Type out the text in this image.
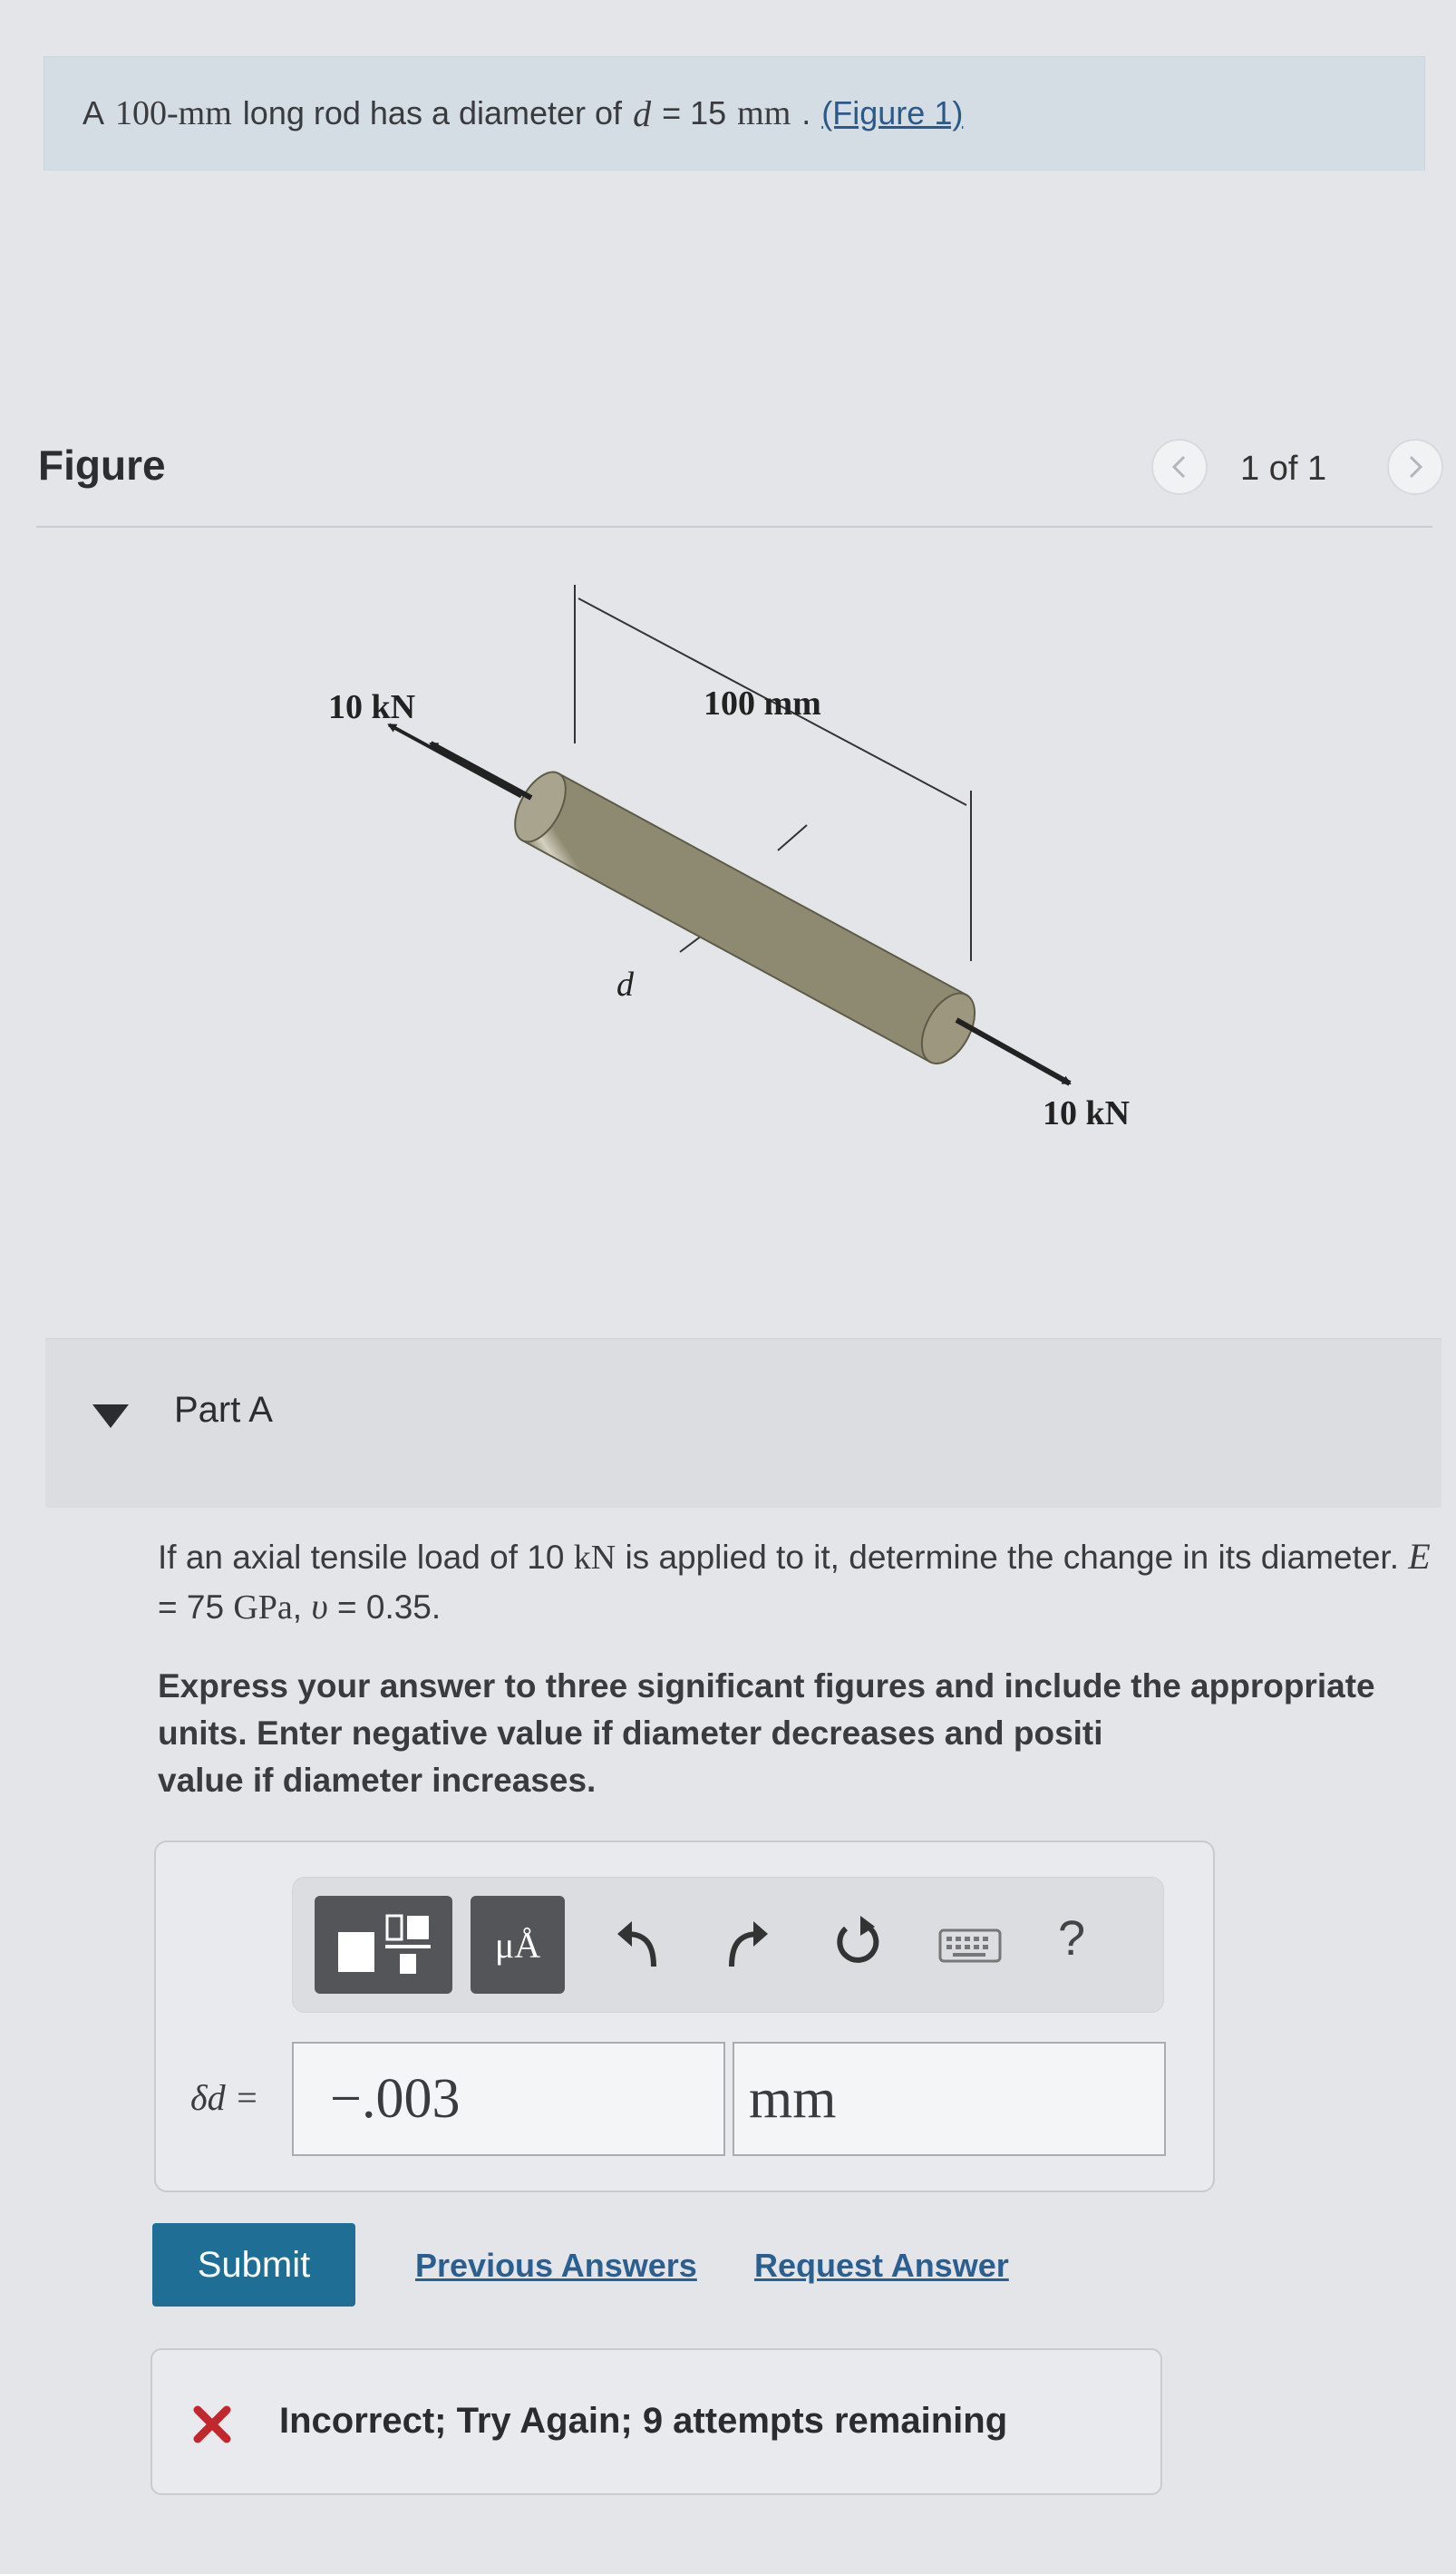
A 100-mm long rod has a diameter of d = 15 mm . (Figure 1)
Figure	1 of 1
10 kN	100 mm
d
10 kN
Part A
If an axial tensile load of 10 kN is applied to it, determine the change in its diameter. E = 75 GPa, υ = 0.35.
Express your answer to three significant figures and include the appropriate units. Enter negative value if diameter decreases and positi
value if diameter increases.
μÅ	?
δd =
−.003
mm
Submit	Previous Answers Request Answer
Incorrect; Try Again; 9 attempts remaining
